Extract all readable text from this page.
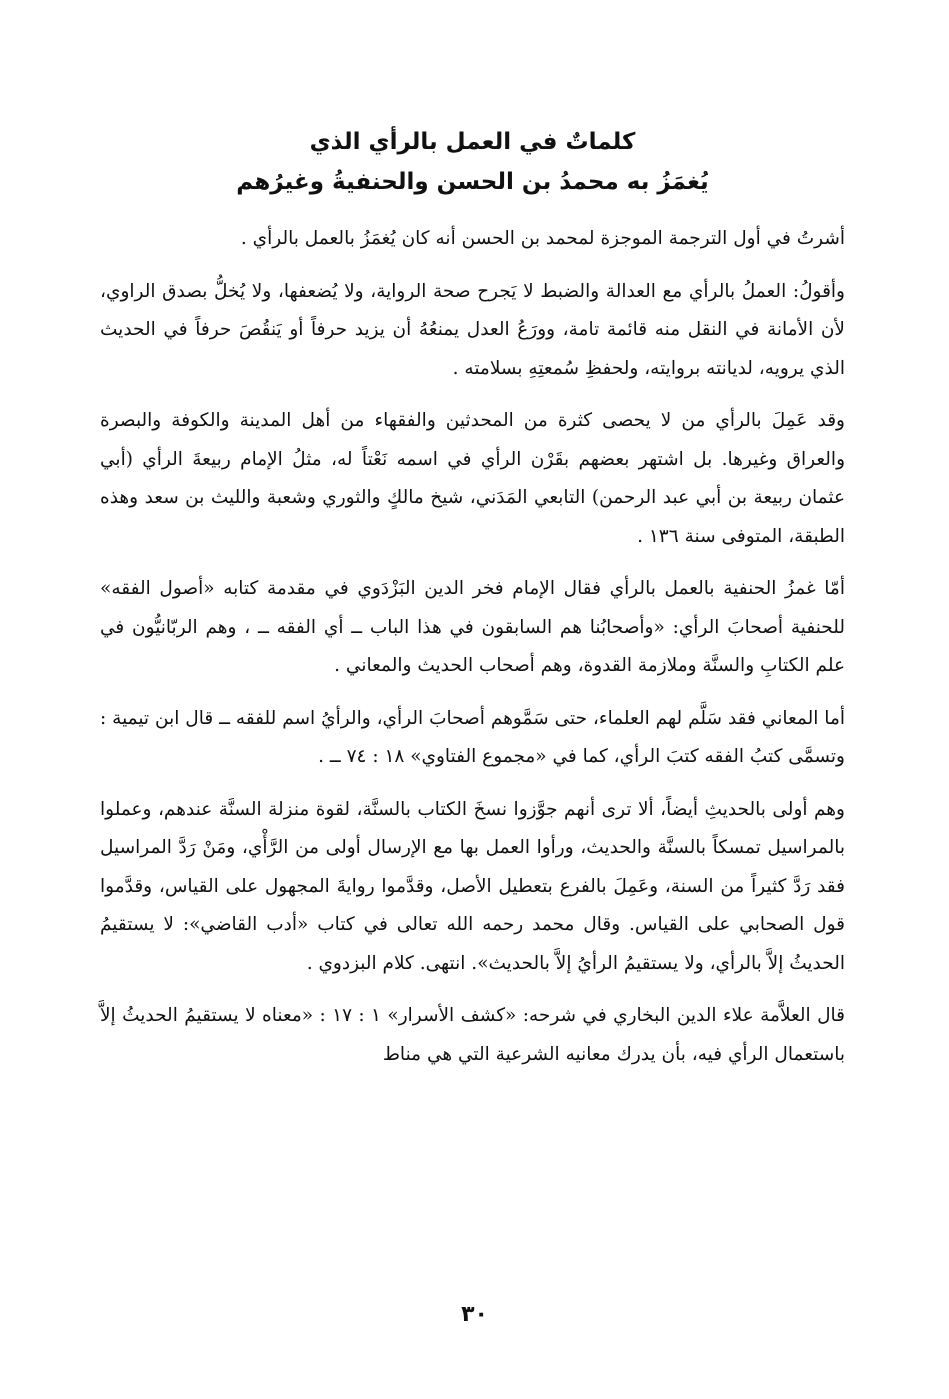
كلماتٌ في العمل بالرأي الذي
يُغمَزُ به محمدُ بن الحسن والحنفيةُ وغيرُهم

أشرتُ في أول الترجمة الموجزة لمحمد بن الحسن أنه كان يُغمَزُ بالعمل بالرأي .

وأقولُ: العملُ بالرأي مع العدالة والضبط لا يَجرح صحة الرواية، ولا يُضعفها، ولا يُخلُّ بصدق الراوي، لأن الأمانة في النقل منه قائمة تامة، وورَعُ العدل يمنعُهُ أن يزيد حرفاً أو يَنقُصَ حرفاً في الحديث الذي يرويه، لديانته بروايته، ولحفظِ سُمعتِهِ بسلامته .

وقد عَمِلَ بالرأي من لا يحصى كثرة من المحدثين والفقهاء من أهل المدينة والكوفة والبصرة والعراق وغيرها. بل اشتهر بعضهم بقَرْن الرأي في اسمه نَعْتاً له، مثلُ الإمام ربيعةَ الرأي (أبي عثمان ربيعة بن أبي عبد الرحمن) التابعي المَدَني، شيخ مالكٍ والثوري وشعبة والليث بن سعد وهذه الطبقة، المتوفى سنة ١٣٦ .

أمّا غمزُ الحنفية بالعمل بالرأي فقال الإمام فخر الدين البَزْدَوي في مقدمة كتابه «أصول الفقه» للحنفية أصحابَ الرأي: «وأصحابُنا هم السابقون في هذا الباب ــ أي الفقه ــ ، وهم الربّانيُّون في علم الكتابِ والسنَّة وملازمة القدوة، وهم أصحاب الحديث والمعاني .

أما المعاني فقد سَلَّم لهم العلماء، حتى سَمَّوهم أصحابَ الرأي، والرأيُ اسم للفقه ــ قال ابن تيمية : وتسمَّى كتبُ الفقه كتبَ الرأي، كما في «مجموع الفتاوي» ١٨ : ٧٤ ــ .

وهم أولى بالحديثِ أيضاً، ألا ترى أنهم جوَّزوا نسخَ الكتاب بالسنَّة، لقوة منزلة السنَّة عندهم، وعملوا بالمراسيل تمسكاً بالسنَّة والحديث، ورأوا العمل بها مع الإرسال أولى من الرَّأْي، ومَنْ رَدَّ المراسيل فقد رَدَّ كثيراً من السنة، وعَمِلَ بالفرع بتعطيل الأصل، وقدَّموا روايةَ المجهول على القياس، وقدَّموا قول الصحابي على القياس. وقال محمد رحمه الله تعالى في كتاب «أدب القاضي»: لا يستقيمُ الحديثُ إلاَّ بالرأي، ولا يستقيمُ الرأيُ إلاَّ بالحديث». انتهى. كلام البزدوي .

قال العلاَّمة علاء الدين البخاري في شرحه: «كشف الأسرار» ١ : ١٧ : «معناه لا يستقيمُ الحديثُ إلاَّ باستعمال الرأي فيه، بأن يدرك معانيه الشرعية التي هي مناط

٣٠
